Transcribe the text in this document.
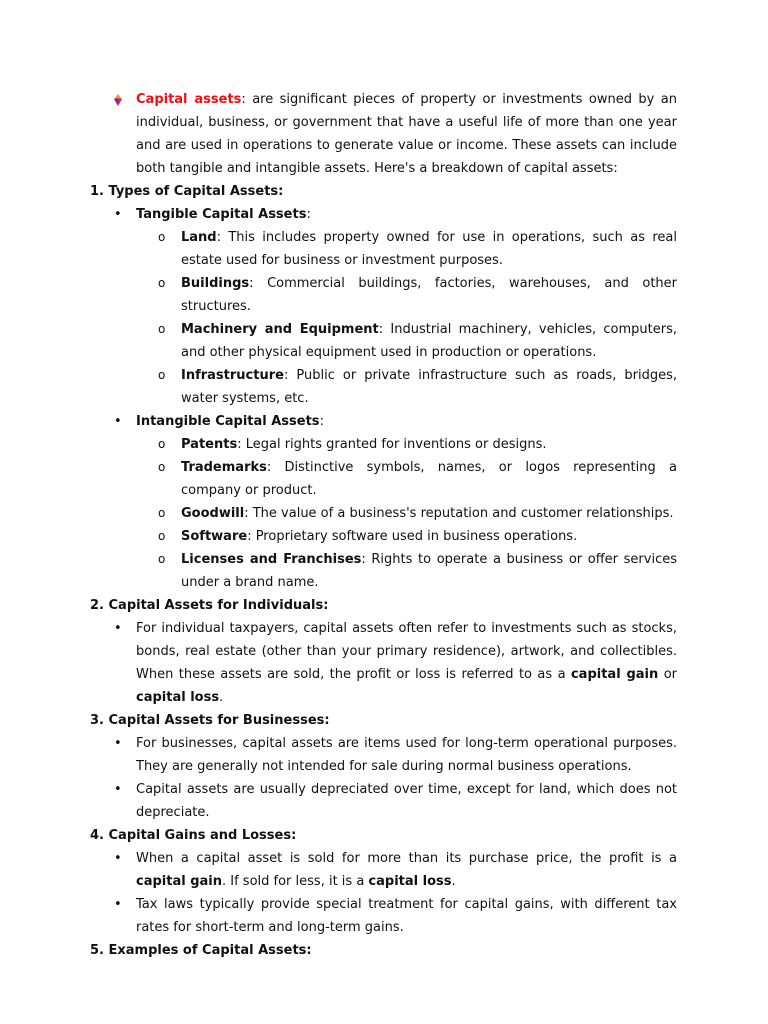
Capital assets: are significant pieces of property or investments owned by an individual, business, or government that have a useful life of more than one year and are used in operations to generate value or income. These assets can include both tangible and intangible assets. Here's a breakdown of capital assets:
1. Types of Capital Assets:
• Tangible Capital Assets:
o Land: This includes property owned for use in operations, such as real estate used for business or investment purposes.
o Buildings: Commercial buildings, factories, warehouses, and other structures.
o Machinery and Equipment: Industrial machinery, vehicles, computers, and other physical equipment used in production or operations.
o Infrastructure: Public or private infrastructure such as roads, bridges, water systems, etc.
• Intangible Capital Assets:
o Patents: Legal rights granted for inventions or designs.
o Trademarks: Distinctive symbols, names, or logos representing a company or product.
o Goodwill: The value of a business's reputation and customer relationships.
o Software: Proprietary software used in business operations.
o Licenses and Franchises: Rights to operate a business or offer services under a brand name.
2. Capital Assets for Individuals:
• For individual taxpayers, capital assets often refer to investments such as stocks, bonds, real estate (other than your primary residence), artwork, and collectibles. When these assets are sold, the profit or loss is referred to as a capital gain or capital loss.
3. Capital Assets for Businesses:
• For businesses, capital assets are items used for long-term operational purposes. They are generally not intended for sale during normal business operations.
• Capital assets are usually depreciated over time, except for land, which does not depreciate.
4. Capital Gains and Losses:
• When a capital asset is sold for more than its purchase price, the profit is a capital gain. If sold for less, it is a capital loss.
• Tax laws typically provide special treatment for capital gains, with different tax rates for short-term and long-term gains.
5. Examples of Capital Assets:
